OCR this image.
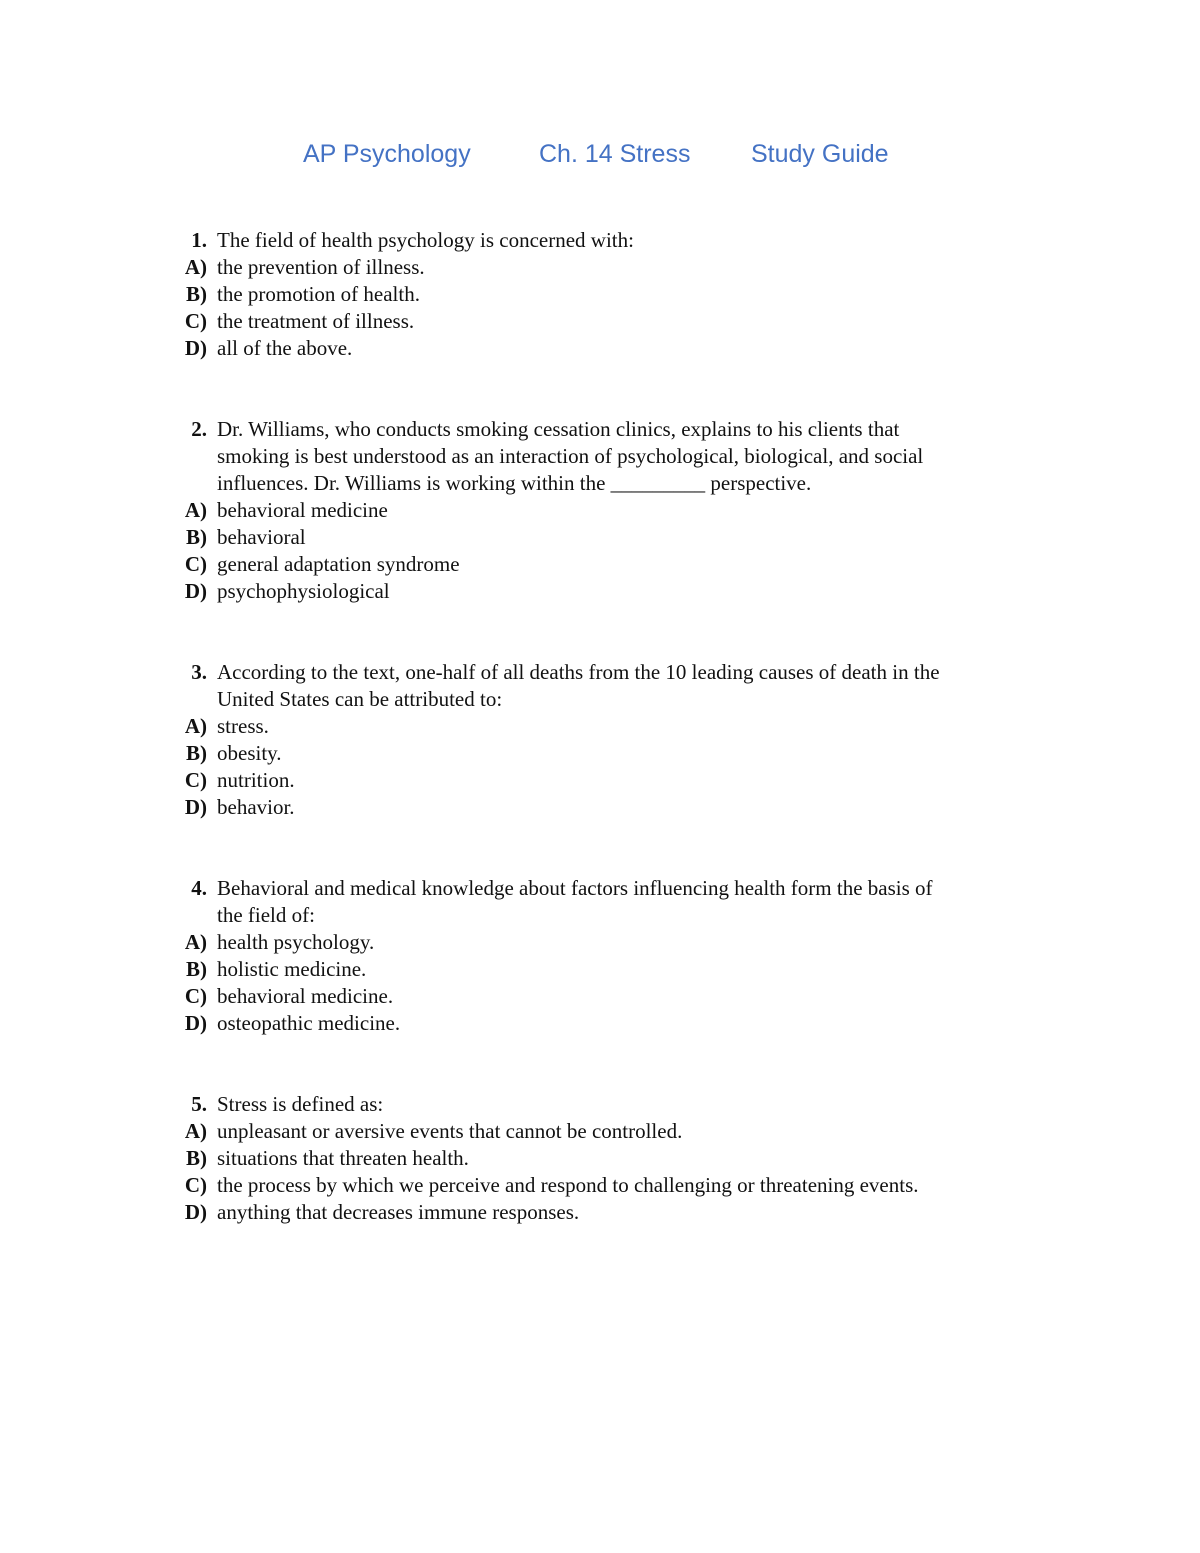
AP Psychology	Ch. 14 Stress Study Guide
1. The field of health psychology is concerned with:
A) the prevention of illness.
B) the promotion of health.
C) the treatment of illness.
D) all of the above.
2. Dr. Williams, who conducts smoking cessation clinics, explains to his clients that
smoking is best understood as an interaction of psychological, biological, and social
influences. Dr. Williams is working within the _________ perspective.
A) behavioral medicine
B) behavioral
C) general adaptation syndrome
D) psychophysiological
3. According to the text, one-half of all deaths from the 10 leading causes of death in the
United States can be attributed to:
A) stress.
B) obesity.
C) nutrition.
D) behavior.
4. Behavioral and medical knowledge about factors influencing health form the basis of
the field of:
A) health psychology.
B) holistic medicine.
C) behavioral medicine.
D) osteopathic medicine.
5. Stress is defined as:
A) unpleasant or aversive events that cannot be controlled.
B) situations that threaten health.
C) the process by which we perceive and respond to challenging or threatening events.
D) anything that decreases immune responses.
